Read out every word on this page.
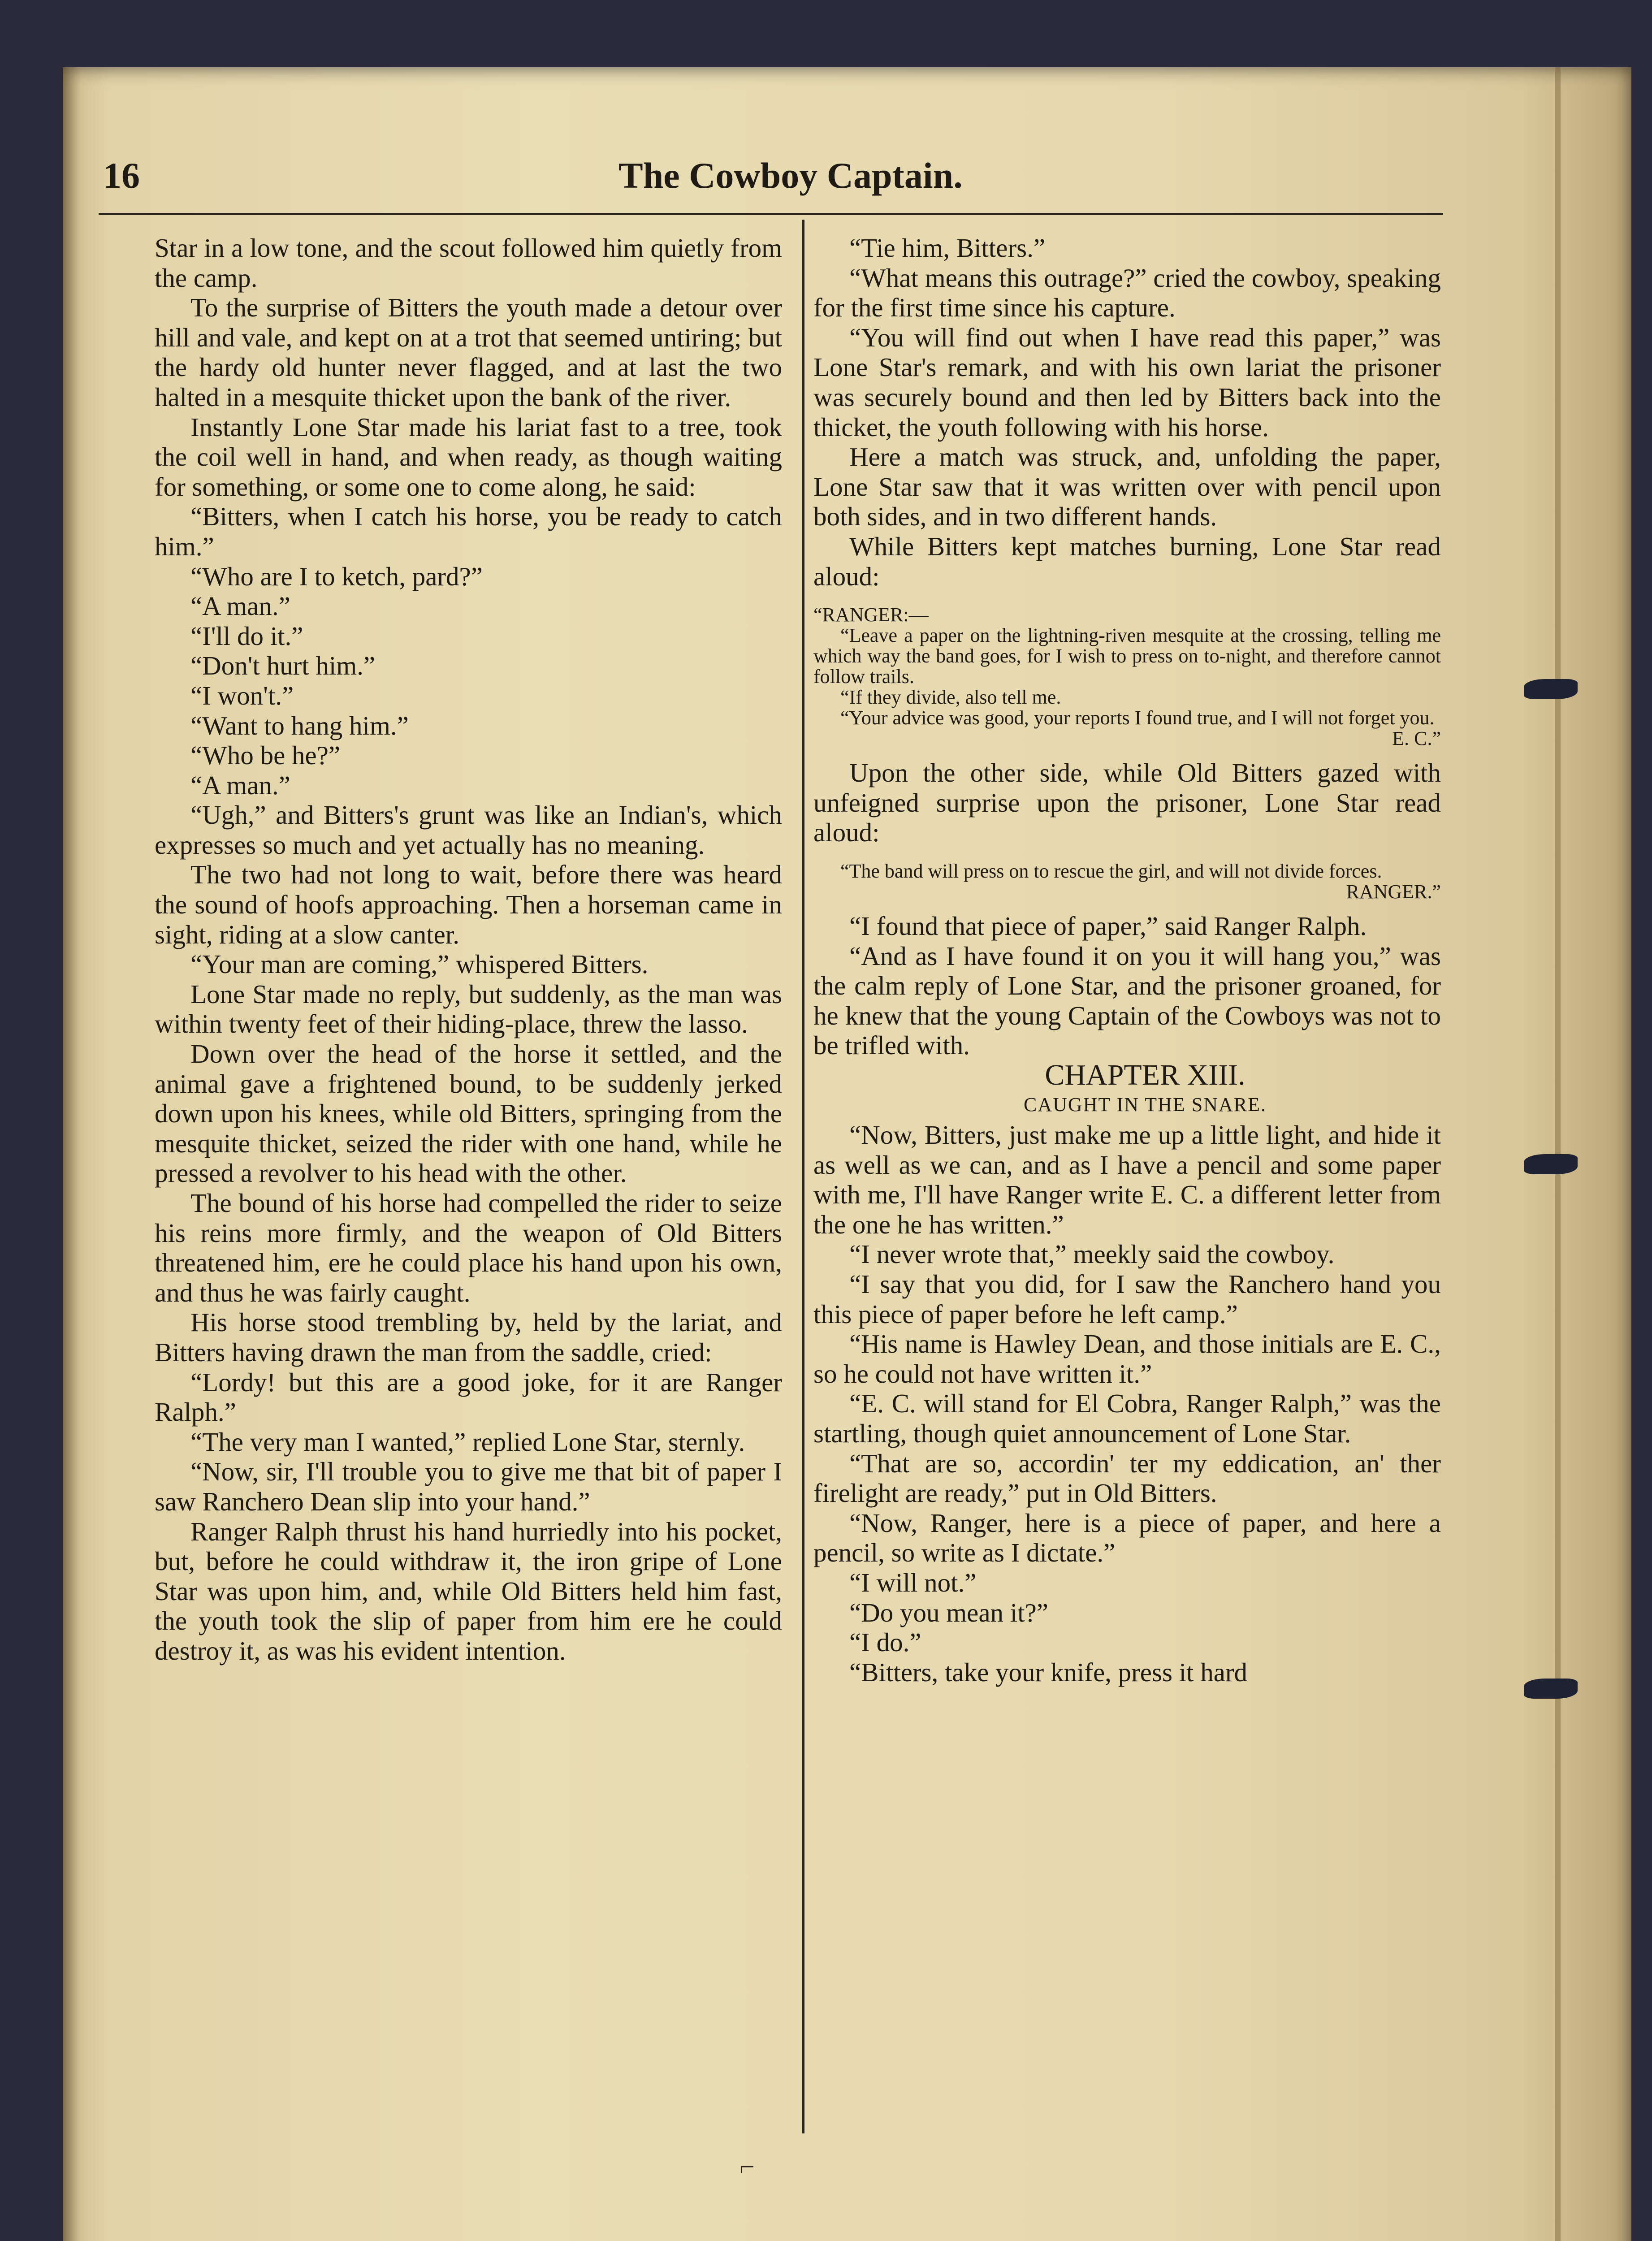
16	The Cowboy Captain.
⌐

Star in a low tone, and the scout followed him quietly from the camp.

To the surprise of Bitters the youth made a detour over hill and vale, and kept on at a trot that seemed untiring; but the hardy old hunter never flagged, and at last the two halted in a mesquite thicket upon the bank of the river.

Instantly Lone Star made his lariat fast to a tree, took the coil well in hand, and when ready, as though waiting for something, or some one to come along, he said:

“Bitters, when I catch his horse, you be ready to catch him.”

“Who are I to ketch, pard?”

“A man.”

“I'll do it.”

“Don't hurt him.”

“I won't.”

“Want to hang him.”

“Who be he?”

“A man.”

“Ugh,” and Bitters's grunt was like an Indian's, which expresses so much and yet actually has no meaning.

The two had not long to wait, before there was heard the sound of hoofs approaching. Then a horseman came in sight, riding at a slow canter.

“Your man are coming,” whispered Bitters.

Lone Star made no reply, but suddenly, as the man was within twenty feet of their hiding-place, threw the lasso.

Down over the head of the horse it settled, and the animal gave a frightened bound, to be suddenly jerked down upon his knees, while old Bitters, springing from the mesquite thicket, seized the rider with one hand, while he pressed a revolver to his head with the other.

The bound of his horse had compelled the rider to seize his reins more firmly, and the weapon of Old Bitters threatened him, ere he could place his hand upon his own, and thus he was fairly caught.

His horse stood trembling by, held by the lariat, and Bitters having drawn the man from the saddle, cried:

“Lordy! but this are a good joke, for it are Ranger Ralph.”

“The very man I wanted,” replied Lone Star, sternly.

“Now, sir, I'll trouble you to give me that bit of paper I saw Ranchero Dean slip into your hand.”

Ranger Ralph thrust his hand hurriedly into his pocket, but, before he could withdraw it, the iron gripe of Lone Star was upon him, and, while Old Bitters held him fast, the youth took the slip of paper from him ere he could destroy it, as was his evident intention.

“Tie him, Bitters.”

“What means this outrage?” cried the cowboy, speaking for the first time since his capture.

“You will find out when I have read this paper,” was Lone Star's remark, and with his own lariat the prisoner was securely bound and then led by Bitters back into the thicket, the youth following with his horse.

Here a match was struck, and, unfolding the paper, Lone Star saw that it was written over with pencil upon both sides, and in two different hands.

While Bitters kept matches burning, Lone Star read aloud:

“RANGER:—

“Leave a paper on the lightning-riven mesquite at the crossing, telling me which way the band goes, for I wish to press on to-night, and therefore cannot follow trails.

“If they divide, also tell me.

“Your advice was good, your reports I found true, and I will not forget you.

E. C.”

Upon the other side, while Old Bitters gazed with unfeigned surprise upon the prisoner, Lone Star read aloud:

“The band will press on to rescue the girl, and will not divide forces.

RANGER.”

“I found that piece of paper,” said Ranger Ralph.

“And as I have found it on you it will hang you,” was the calm reply of Lone Star, and the prisoner groaned, for he knew that the young Captain of the Cowboys was not to be trifled with.

CHAPTER XIII.

CAUGHT IN THE SNARE.

“Now, Bitters, just make me up a little light, and hide it as well as we can, and as I have a pencil and some paper with me, I'll have Ranger write E. C. a different letter from the one he has written.”

“I never wrote that,” meekly said the cowboy.

“I say that you did, for I saw the Ranchero hand you this piece of paper before he left camp.”

“His name is Hawley Dean, and those initials are E. C., so he could not have written it.”

“E. C. will stand for El Cobra, Ranger Ralph,” was the startling, though quiet announcement of Lone Star.

“That are so, accordin' ter my eddication, an' ther firelight are ready,” put in Old Bitters.

“Now, Ranger, here is a piece of paper, and here a pencil, so write as I dictate.”

“I will not.”

“Do you mean it?”

“I do.”

“Bitters, take your knife, press it hard
